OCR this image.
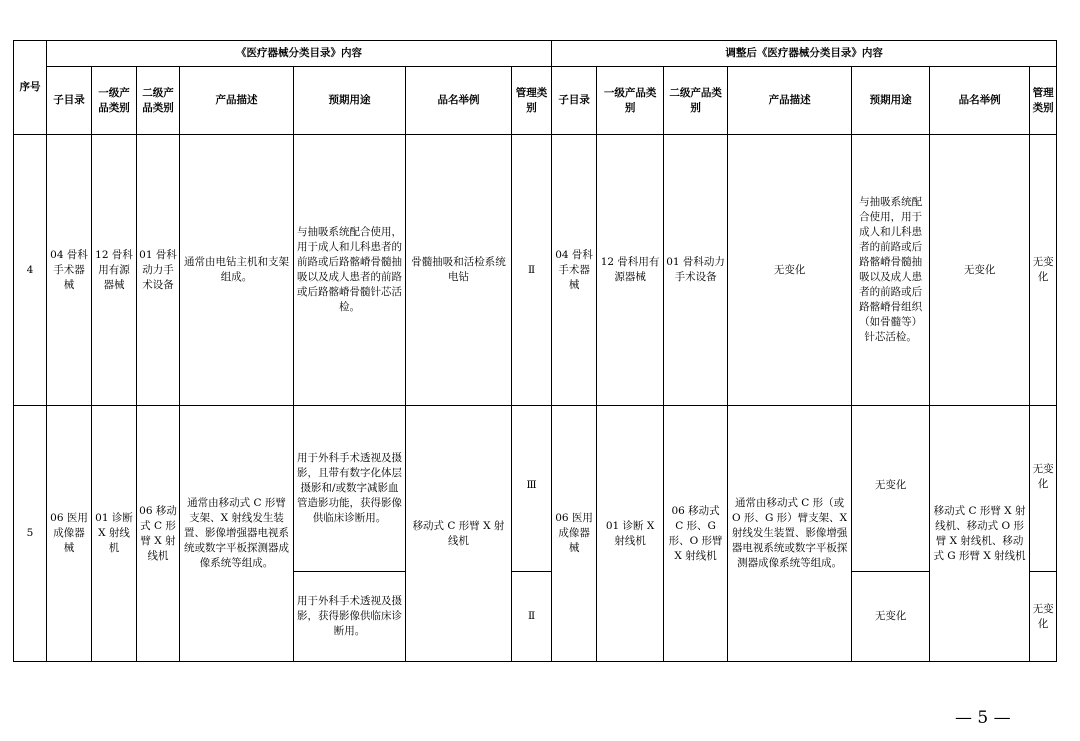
序号	《医疗器械分类目录》内容							调整后《医疗器械分类目录》内容						
	子目录	一级产品类别	二级产品类别	产品描述	预期用途	品名举例	管理类别	子目录	一级产品类别	二级产品类别	产品描述	预期用途	品名举例	管理类别
4	04 骨科手术器械	12 骨科用有源器械	01 骨科动力手术设备	通常由电钻主机和支架组成。	与抽吸系统配合使用，用于成人和儿科患者的前路或后路髂嵴骨髓抽吸以及成人患者的前路或后路髂嵴骨髓针芯活检。	骨髓抽吸和活检系统电钻	Ⅱ	04 骨科手术器械	12 骨科用有源器械	01 骨科动力手术设备	无变化	与抽吸系统配合使用，用于成人和儿科患者的前路或后路髂嵴骨髓抽吸以及成人患者的前路或后路髂嵴骨组织（如骨髓等）针芯活检。	无变化	无变化
5	06 医用成像器械	01 诊断 X 射线机	06 移动式 C 形臂 X 射线机	通常由移动式 C 形臂支架、X 射线发生装置、影像增强器电视系统或数字平板探测器成像系统等组成。	用于外科手术透视及摄影，且带有数字化体层摄影和/或数字减影血管造影功能，获得影像供临床诊断用。	移动式 C 形臂 X 射线机	Ⅲ	06 医用成像器械	01 诊断 X 射线机	06 移动式 C 形、G 形、O 形臂 X 射线机	通常由移动式 C 形（或 O 形、G 形）臂支架、X 射线发生装置、影像增强器电视系统或数字平板探测器成像系统等组成。	无变化	移动式 C 形臂 X 射线机、移动式 O 形臂 X 射线机、移动式 G 形臂 X 射线机	无变化
					用于外科手术透视及摄影，获得影像供临床诊断用。		Ⅱ					无变化		无变化
— 5 —
